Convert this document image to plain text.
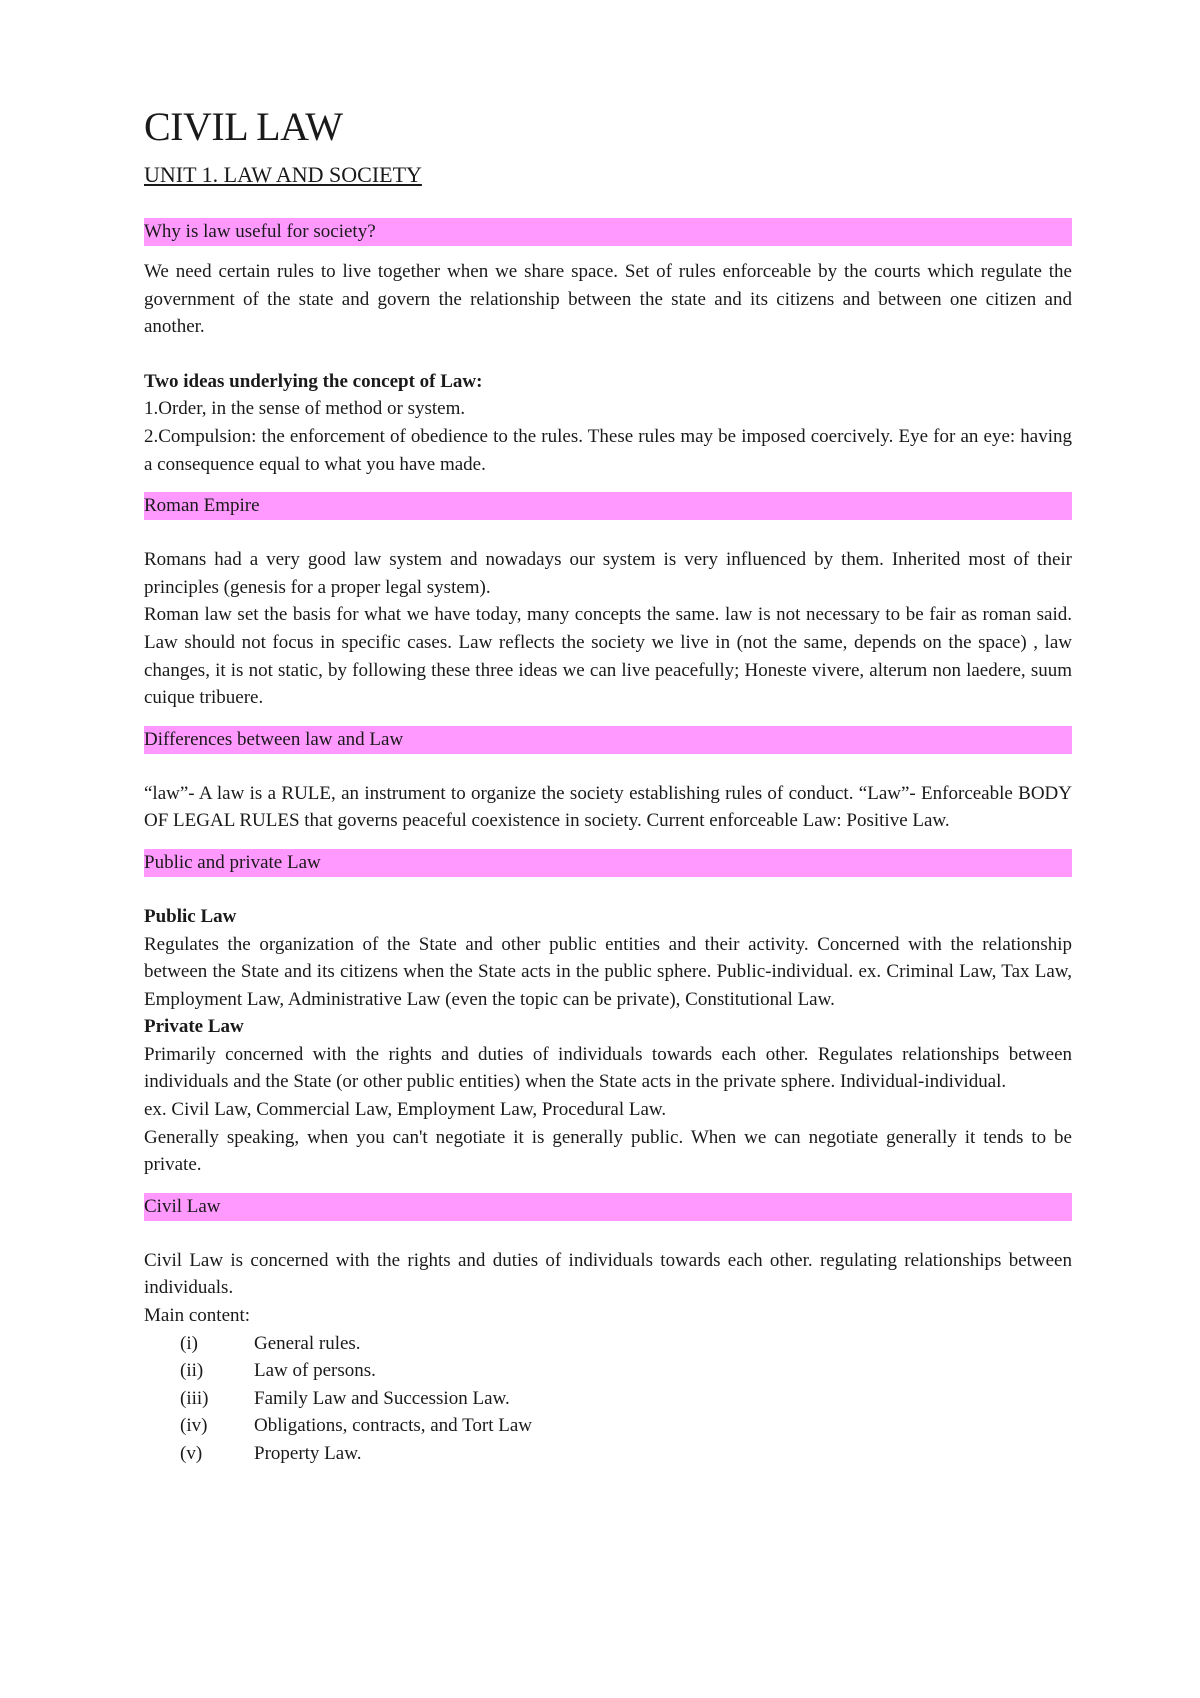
CIVIL LAW
UNIT 1. LAW AND SOCIETY
Why is law useful for society?

We need certain rules to live together when we share space. Set of rules enforceable by the courts which regulate the government of the state and govern the relationship between the state and its citizens and between one citizen and another.

Two ideas underlying the concept of Law:

1.Order, in the sense of method or system.

2.Compulsion: the enforcement of obedience to the rules. These rules may be imposed coercively. Eye for an eye: having a consequence equal to what you have made.

Roman Empire

Romans had a very good law system and nowadays our system is very influenced by them. Inherited most of their principles (genesis for a proper legal system).

Roman law set the basis for what we have today, many concepts the same. law is not necessary to be fair as roman said. Law should not focus in specific cases. Law reflects the society we live in (not the same, depends on the space) , law changes, it is not static, by following these three ideas we can live peacefully; Honeste vivere, alterum non laedere, suum cuique tribuere.

Differences between law and Law

“law”- A law is a RULE, an instrument to organize the society establishing rules of conduct. “Law”- Enforceable BODY OF LEGAL RULES that governs peaceful coexistence in society. Current enforceable Law: Positive Law.

Public and private Law

Public Law

Regulates the organization of the State and other public entities and their activity. Concerned with the relationship between the State and its citizens when the State acts in the public sphere. Public-individual. ex. Criminal Law, Tax Law, Employment Law, Administrative Law (even the topic can be private), Constitutional Law.

Private Law

Primarily concerned with the rights and duties of individuals towards each other. Regulates relationships between individuals and the State (or other public entities) when the State acts in the private sphere. Individual-individual.

ex. Civil Law, Commercial Law, Employment Law, Procedural Law.

Generally speaking, when you can't negotiate it is generally public. When we can negotiate generally it tends to be private.

Civil Law

Civil Law is concerned with the rights and duties of individuals towards each other. regulating relationships between individuals.

Main content:

(i)	General rules.
(ii)	Law of persons.
(iii)	Family Law and Succession Law.
(iv)	Obligations, contracts, and Tort Law
(v)	Property Law.
